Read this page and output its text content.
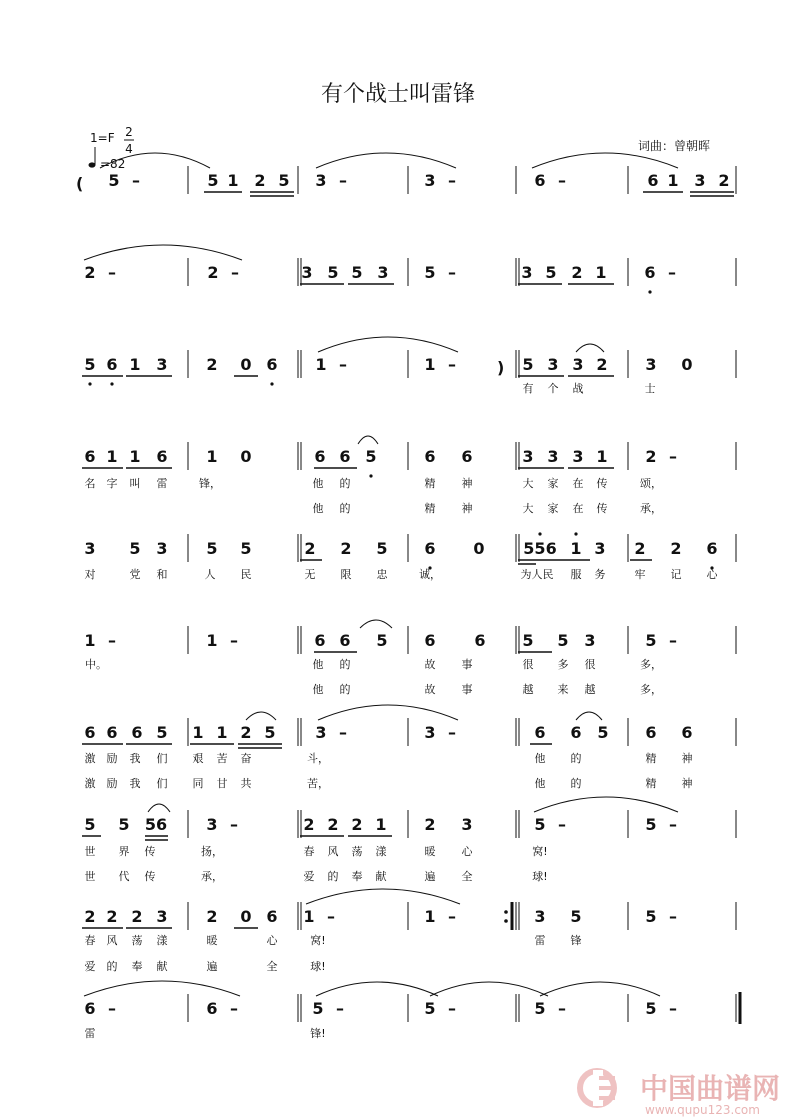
有个战士叫雷锋
1=F 2
4
=82
词曲：曾朝晖
( 5 –	5 1 2 5 3 –	3 –	6 –	6 1 3 2
2 –	2 –	3 5 5 3 5 –	3 5 2 1 6 –
)
5 6 1 3 2 0 6 1 –	1 –	5 3 3 2 3 0
有 个 战	士
6 1 1 6 1 0	6 6 5	6 6	3 3 3 1 2 –
名 字 叫 雷	锋，	他 的	精 神	大 家 在 传	颂，
他 的	精 神	大 家 在 传	承，
3 5 3 5 5	2 2 5 6 0 556 1 3 2 2 6
对	党 和	人 民	无 限 忠	诚，	为人民 服 务	牢 记 心
1 –	1 –	6 6 5 6 6 5 5 3	5 –
中。	他 的	故 事	很 多 很	多，
他 的	故 事	越 来 越	多，
6 6 6 5 1 1 2 5 3 –	3 –	6 6 5 6 6
激 励 我 们 艰 苦 奋	斗，	他 的	精 神
激 励 我 们 同 甘 共	苦，	他 的	精 神
5 5 56 3 –	2 2 2 1 2 3	5 –	5 –
世 界 传	扬，	春 风 荡 漾	暖 心	窝!
世 代 传	承，	爱 的 奉 献	遍 全	球!
2 2 2 3 2 0 6 1 –	1 –	3 5	5 –
春 风 荡 漾	暖	心	窝!	雷 锋
爱 的 奉 献	遍	全	球!
6 –	6 –	5 –	5 –	5 –	5 –
雷	锋!
中国曲谱网
www.qupu123.com
